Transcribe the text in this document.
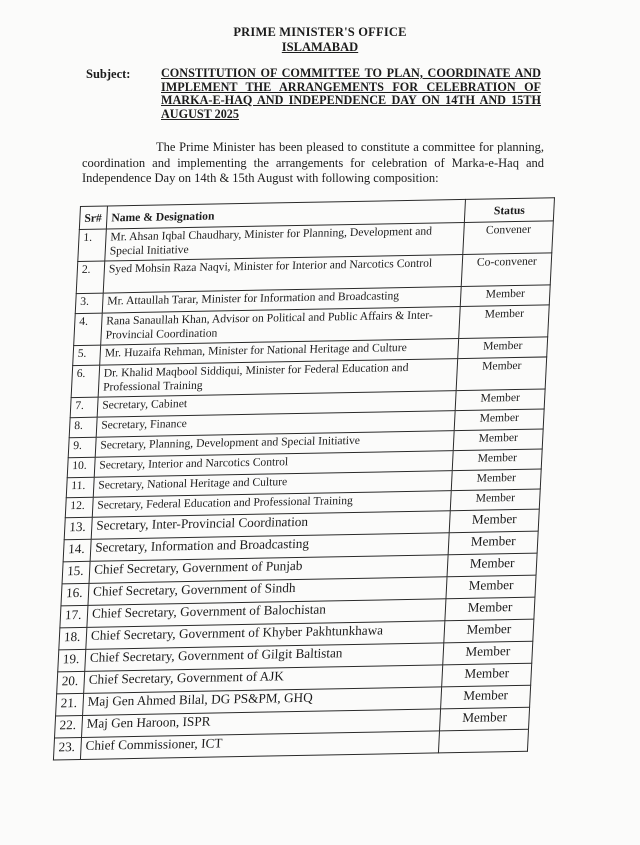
PRIME MINISTER'S OFFICE
ISLAMABAD
Subject:	CONSTITUTION OF COMMITTEE TO PLAN, COORDINATE AND IMPLEMENT THE ARRANGEMENTS FOR CELEBRATION OF MARKA-E-HAQ AND INDEPENDENCE DAY ON 14TH AND 15TH AUGUST 2025
The Prime Minister has been pleased to constitute a committee for planning, coordination and implementing the arrangements for celebration of Marka-e-Haq and Independence Day on 14th & 15th August with following composition:
Sr#	Name & Designation	Status
1.	Mr. Ahsan Iqbal Chaudhary, Minister for Planning, Development and Special Initiative	Convener
2.	Syed Mohsin Raza Naqvi, Minister for Interior and Narcotics Control	Co-convener
3.	Mr. Attaullah Tarar, Minister for Information and Broadcasting	Member
4.	Rana Sanaullah Khan, Advisor on Political and Public Affairs & Inter-Provincial Coordination	Member
5.	Mr. Huzaifa Rehman, Minister for National Heritage and Culture	Member
6.	Dr. Khalid Maqbool Siddiqui, Minister for Federal Education and Professional Training	Member
7.	Secretary, Cabinet	Member
8.	Secretary, Finance	Member
9.	Secretary, Planning, Development and Special Initiative	Member
10.	Secretary, Interior and Narcotics Control	Member
11.	Secretary, National Heritage and Culture	Member
12.	Secretary, Federal Education and Professional Training	Member
13.	Secretary, Inter-Provincial Coordination	Member
14.	Secretary, Information and Broadcasting	Member
15.	Chief Secretary, Government of Punjab	Member
16.	Chief Secretary, Government of Sindh	Member
17.	Chief Secretary, Government of Balochistan	Member
18.	Chief Secretary, Government of Khyber Pakhtunkhawa	Member
19.	Chief Secretary, Government of Gilgit Baltistan	Member
20.	Chief Secretary, Government of AJK	Member
21.	Maj Gen Ahmed Bilal, DG PS&PM, GHQ	Member
22.	Maj Gen Haroon, ISPR	Member
23.	Chief Commissioner, ICT	
